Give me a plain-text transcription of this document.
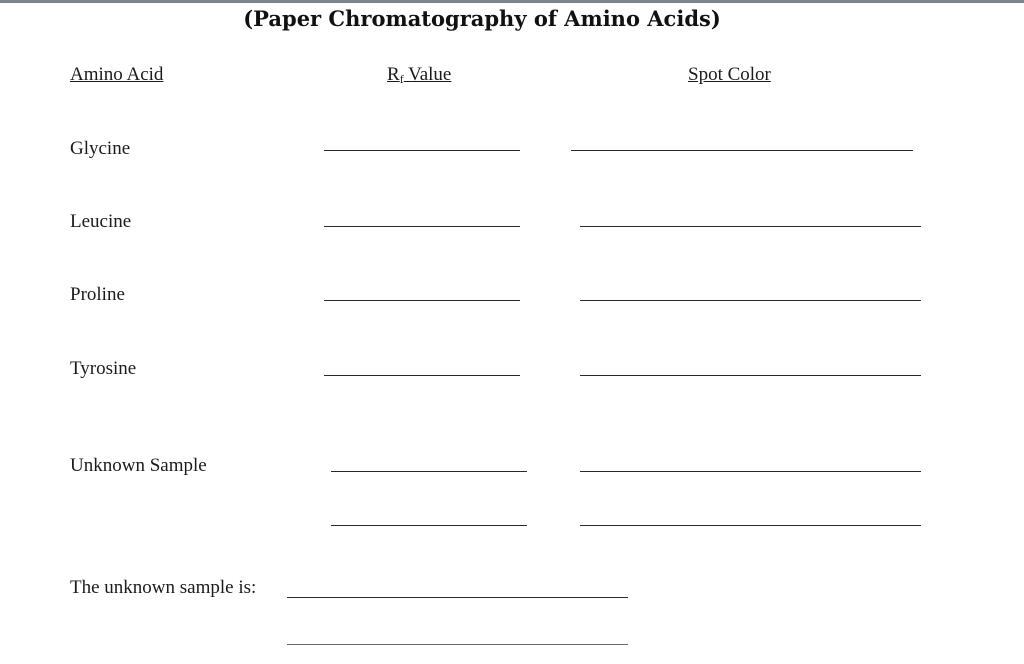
(Paper Chromatography of Amino Acids)
Amino Acid	$R_f$ Value	Spot Color
Glycine
Leucine
Proline
Tyrosine
Unknown Sample
The unknown sample is:
